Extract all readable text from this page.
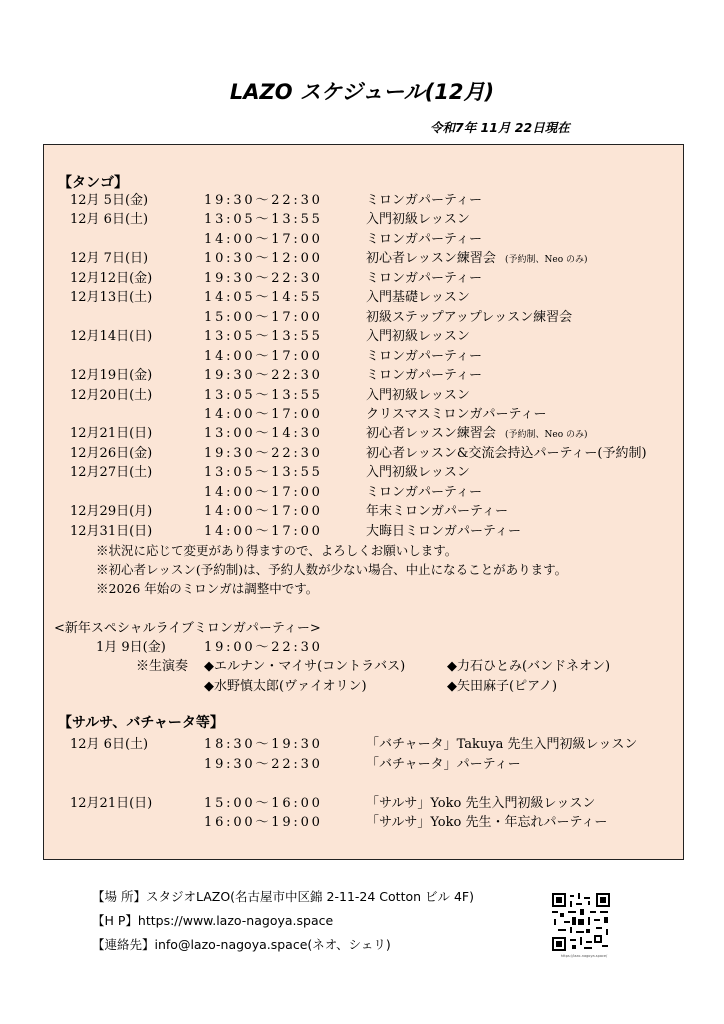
LAZO スケジュール(12月)
令和7年 11月 22日現在
【タンゴ】
12月 5日(金)	19:30〜22:30	ミロンガパーティー
12月 6日(土)	13:05〜13:55	入門初級レッスン
14:00〜17:00	ミロンガパーティー
12月 7日(日)	10:30〜12:00	初心者レッスン練習会 (予約制、Neo のみ)
12月12日(金)	19:30〜22:30	ミロンガパーティー
12月13日(土)	14:05〜14:55	入門基礎レッスン
15:00〜17:00	初級ステップアップレッスン練習会
12月14日(日)	13:05〜13:55	入門初級レッスン
14:00〜17:00	ミロンガパーティー
12月19日(金)	19:30〜22:30	ミロンガパーティー
12月20日(土)	13:05〜13:55	入門初級レッスン
14:00〜17:00	クリスマスミロンガパーティー
12月21日(日)	13:00〜14:30	初心者レッスン練習会 (予約制、Neo のみ)
12月26日(金)	19:30〜22:30	初心者レッスン&交流会持込パーティー(予約制)
12月27日(土)	13:05〜13:55	入門初級レッスン
14:00〜17:00	ミロンガパーティー
12月29日(月)	14:00〜17:00	年末ミロンガパーティー
12月31日(日)	14:00〜17:00	大晦日ミロンガパーティー
※状況に応じて変更があり得ますので、よろしくお願いします。
※初心者レッスン(予約制)は、予約人数が少ない場合、中止になることがあります。
※2026 年始のミロンガは調整中です。
<新年スペシャルライブミロンガパーティー>
1月 9日(金)	19:00〜22:30
※生演奏 ◆エルナン・マイサ(コントラバス)	◆力石ひとみ(バンドネオン)
◆水野慎太郎(ヴァイオリン)	◆矢田麻子(ピアノ)
【サルサ、バチャータ等】
12月 6日(土)	18:30〜19:30	「バチャータ」Takuya 先生入門初級レッスン
19:30〜22:30	「バチャータ」パーティー
12月21日(日)	15:00〜16:00	「サルサ」Yoko 先生入門初級レッスン
16:00〜19:00	「サルサ」Yoko 先生・年忘れパーティー
【場 所】スタジオLAZO(名古屋市中区錦 2-11-24 Cotton ビル 4F)
【H P】https://www.lazo-nagoya.space
【連絡先】info@lazo-nagoya.space(ネオ、シェリ)
https://lazo-nagoya.space/
